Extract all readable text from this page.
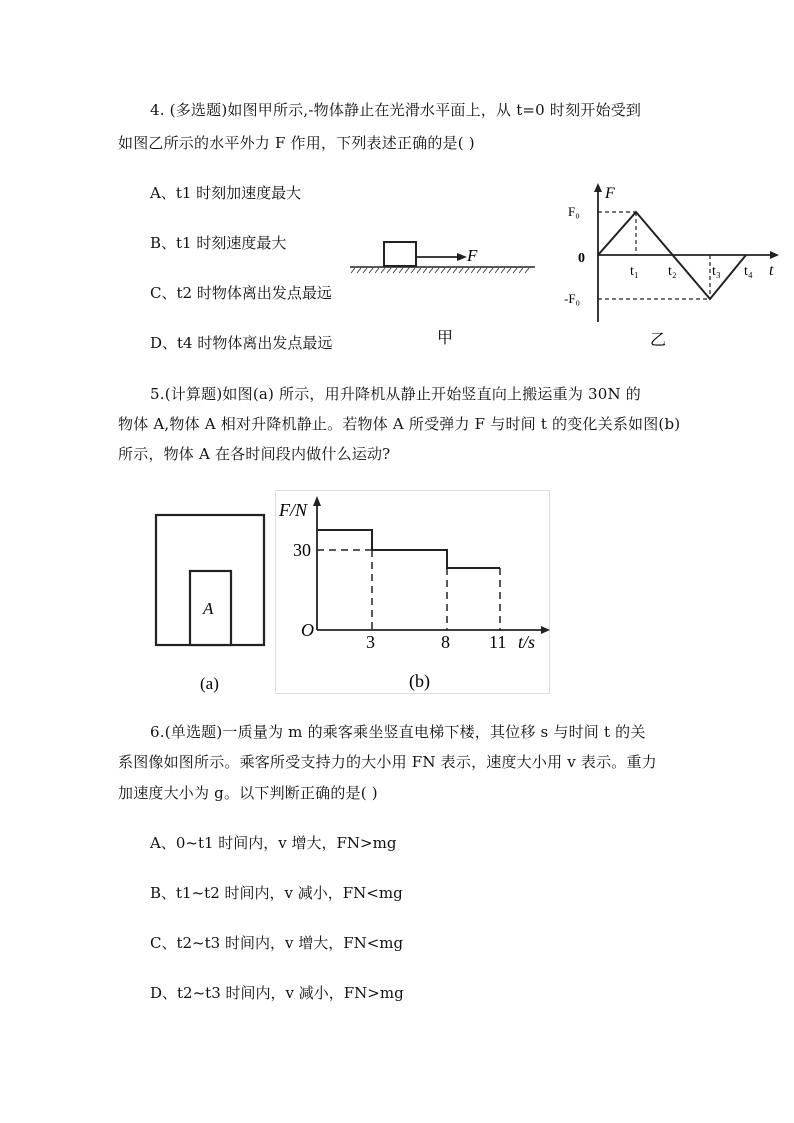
4. (多选题)如图甲所示,-物体静止在光滑水平面上，从 t=0 时刻开始受到
如图乙所示的水平外力 F 作用，下列表述正确的是( )
A、t1 时刻加速度最大
B、t1 时刻速度最大
C、t2 时物体离出发点最远
D、t4 时物体离出发点最远
F
甲
F
t
0
F₀
-F₀
t₁ t₂	t₃ t₄
乙
5.(计算题)如图(a) 所示，用升降机从静止开始竖直向上搬运重为 30N 的
物体 A,物体 A 相对升降机静止。若物体 A 所受弹力 F 与时间 t 的变化关系如图(b)
所示，物体 A 在各时间段内做什么运动?
A
(a)
F/N
t/s
O
30
3	8 11
(b)
6.(单选题)一质量为 m 的乘客乘坐竖直电梯下楼，其位移 s 与时间 t 的关
系图像如图所示。乘客所受支持力的大小用 FN 表示，速度大小用 v 表示。重力
加速度大小为 g。以下判断正确的是( )
A、0~t1 时间内，v 增大，FN>mg
B、t1~t2 时间内，v 减小，FN<mg
C、t2~t3 时间内，v 增大，FN<mg
D、t2~t3 时间内，v 减小，FN>mg
